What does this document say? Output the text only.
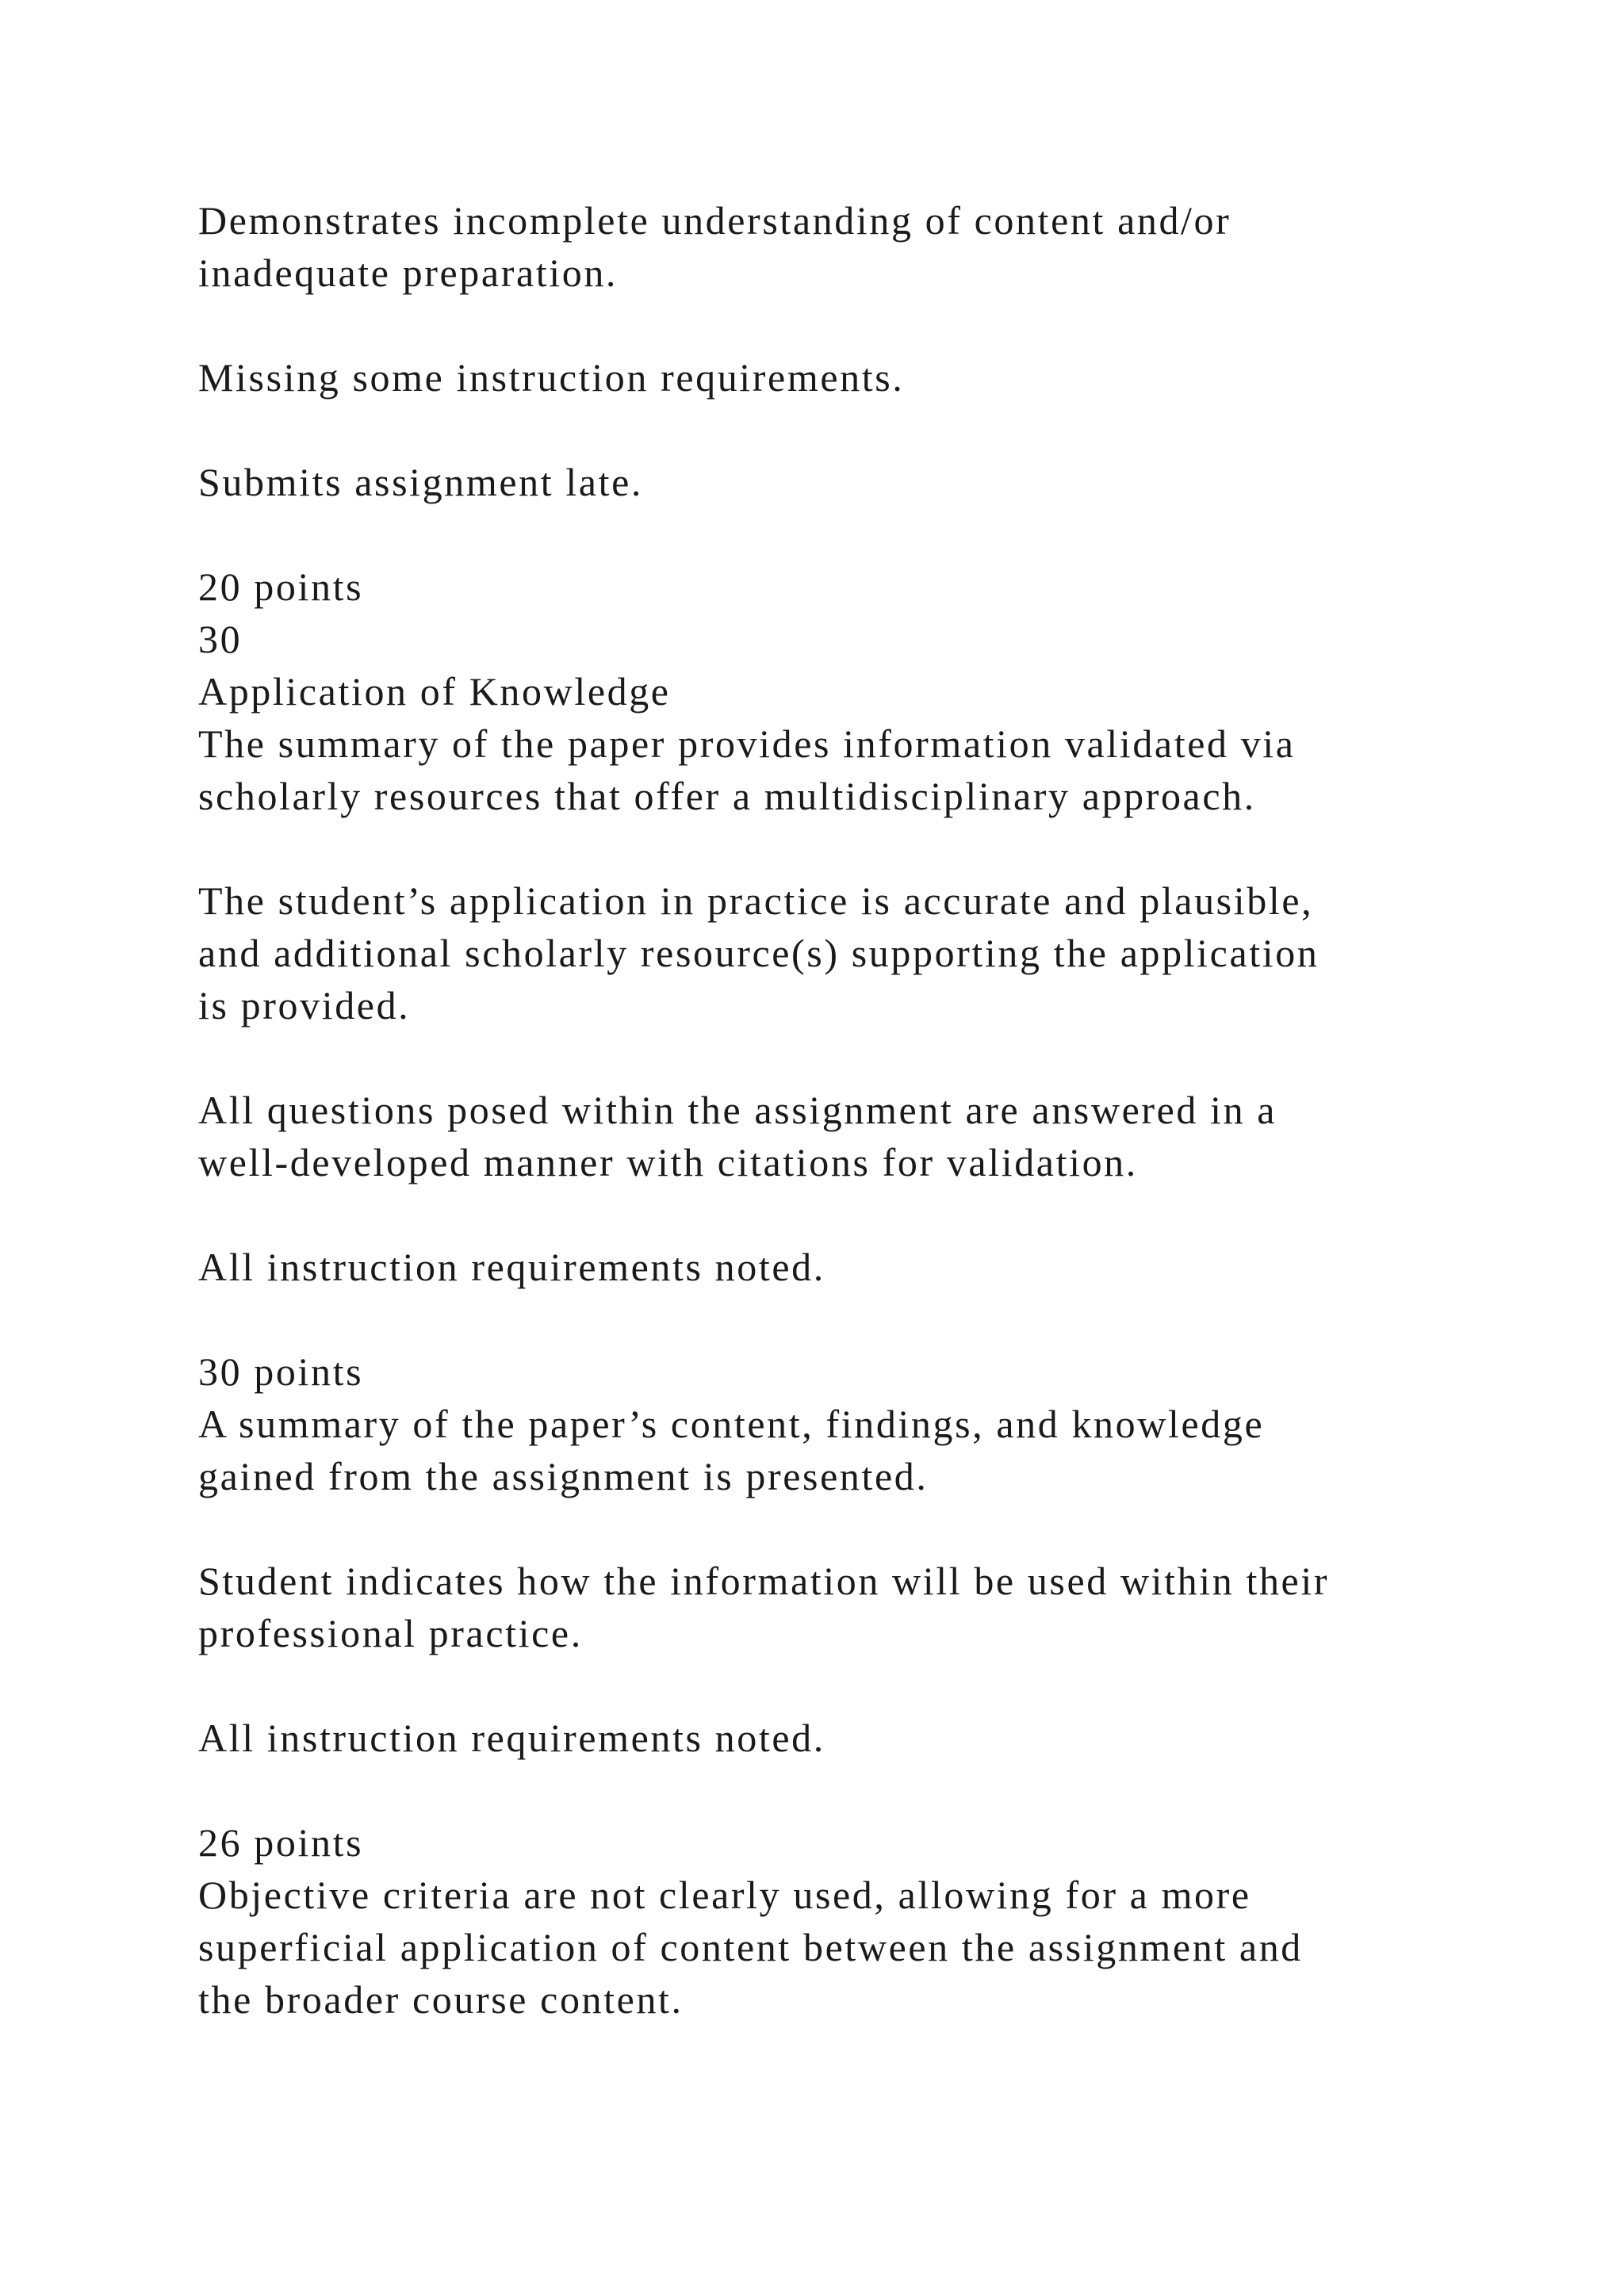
Demonstrates incomplete understanding of content and/or
inadequate preparation.
Missing some instruction requirements.
Submits assignment late.
20 points
30
Application of Knowledge
The summary of the paper provides information validated via
scholarly resources that offer a multidisciplinary approach.
The student’s application in practice is accurate and plausible,
and additional scholarly resource(s) supporting the application
is provided.
All questions posed within the assignment are answered in a
well-developed manner with citations for validation.
All instruction requirements noted.
30 points
A summary of the paper’s content, findings, and knowledge
gained from the assignment is presented.
Student indicates how the information will be used within their
professional practice.
All instruction requirements noted.
26 points
Objective criteria are not clearly used, allowing for a more
superficial application of content between the assignment and
the broader course content.
